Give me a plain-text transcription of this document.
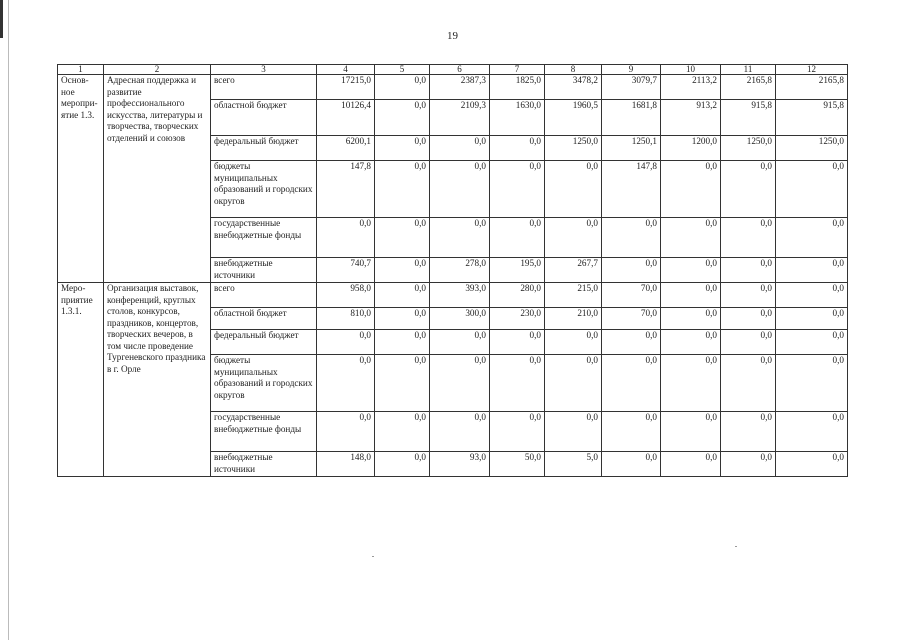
19
1	2	3	4	5	6	7	8	9	10	11	12
Основ-ное меропри-ятие 1.3.	Адресная поддержка и развитие профессионального искусства, литературы и творчества, творческих отделений и союзов	всего	17215,0	0,0	2387,3	1825,0	3478,2	3079,7	2113,2	2165,8	2165,8
		областной бюджет	10126,4	0,0	2109,3	1630,0	1960,5	1681,8	913,2	915,8	915,8
		федеральный бюджет	6200,1	0,0	0,0	0,0	1250,0	1250,1	1200,0	1250,0	1250,0
		бюджеты муниципальных образований и городских округов	147,8	0,0	0,0	0,0	0,0	147,8	0,0	0,0	0,0
		государственные внебюджетные фонды	0,0	0,0	0,0	0,0	0,0	0,0	0,0	0,0	0,0
		внебюджетные источники	740,7	0,0	278,0	195,0	267,7	0,0	0,0	0,0	0,0
Меро-приятие 1.3.1.	Организация выставок, конференций, круглых столов, конкурсов, праздников, концертов, творческих вечеров, в том числе проведение Тургеневского праздника в г. Орле	всего	958,0	0,0	393,0	280,0	215,0	70,0	0,0	0,0	0,0
		областной бюджет	810,0	0,0	300,0	230,0	210,0	70,0	0,0	0,0	0,0
		федеральный бюджет	0,0	0,0	0,0	0,0	0,0	0,0	0,0	0,0	0,0
		бюджеты муниципальных образований и городских округов	0,0	0,0	0,0	0,0	0,0	0,0	0,0	0,0	0,0
		государственные внебюджетные фонды	0,0	0,0	0,0	0,0	0,0	0,0	0,0	0,0	0,0
		внебюджетные источники	148,0	0,0	93,0	50,0	5,0	0,0	0,0	0,0	0,0
